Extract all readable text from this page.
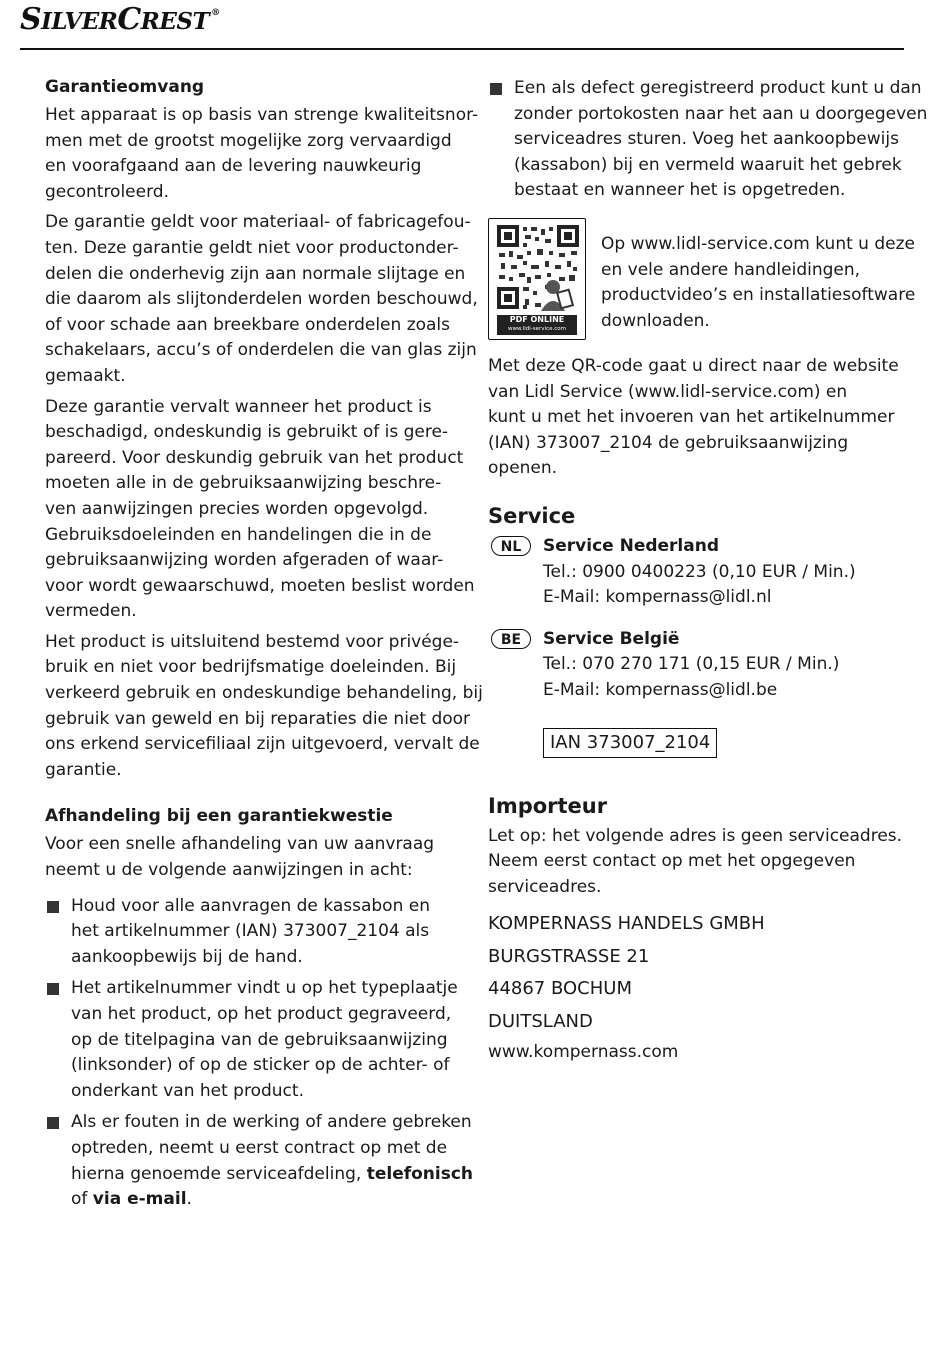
SILVERCREST ®
Garantieomvang

Het apparaat is op basis van strenge kwaliteitsnor-
men met de grootst mogelijke zorg vervaardigd
en voorafgaand aan de levering nauwkeurig
gecontroleerd.

De garantie geldt voor materiaal- of fabricagefou-
ten. Deze garantie geldt niet voor productonder-
delen die onderhevig zijn aan normale slijtage en
die daarom als slijtonderdelen worden beschouwd,
of voor schade aan breekbare onderdelen zoals
schakelaars, accu’s of onderdelen die van glas zijn
gemaakt.

Deze garantie vervalt wanneer het product is
beschadigd, ondeskundig is gebruikt of is gere-
pareerd. Voor deskundig gebruik van het product
moeten alle in de gebruiksaanwijzing beschre-
ven aanwijzingen precies worden opgevolgd.
Gebruiksdoeleinden en handelingen die in de
gebruiksaanwijzing worden afgeraden of waar-
voor wordt gewaarschuwd, moeten beslist worden
vermeden.

Het product is uitsluitend bestemd voor privége-
bruik en niet voor bedrijfsmatige doeleinden. Bij
verkeerd gebruik en ondeskundige behandeling, bij
gebruik van geweld en bij reparaties die niet door
ons erkend servicefiliaal zijn uitgevoerd, vervalt de
garantie.

Afhandeling bij een garantiekwestie

Voor een snelle afhandeling van uw aanvraag
neemt u de volgende aanwijzingen in acht:

Houd voor alle aanvragen de kassabon en
het artikelnummer (IAN) 373007_2104 als
aankoopbewijs bij de hand.
Het artikelnummer vindt u op het typeplaatje
van het product, op het product gegraveerd,
op de titelpagina van de gebruiksaanwijzing
(linksonder) of op de sticker op de achter- of
onderkant van het product.
Als er fouten in de werking of andere gebreken
optreden, neemt u eerst contract op met de
hierna genoemde serviceafdeling, telefonisch
of via e-mail.
Een als defect geregistreerd product kunt u dan
zonder portokosten naar het aan u doorgegeven
serviceadres sturen. Voeg het aankoopbewijs
(kassabon) bij en vermeld waaruit het gebrek
bestaat en wanneer het is opgetreden.
PDF ONLINE
www.lidl-service.com
Op www.lidl-service.com kunt u deze
en vele andere handleidingen,
productvideo’s en installatiesoftware
downloaden.

Met deze QR-code gaat u direct naar de website
van Lidl Service (www.lidl-service.com) en
kunt u met het invoeren van het artikelnummer
(IAN) 373007_2104 de gebruiksaanwijzing
openen.

Service
NL	Service Nederland
Tel.: 0900 0400223 (0,10 EUR / Min.)
E-Mail: kompernass@lidl.nl
BE	Service België
Tel.: 070 270 171 (0,15 EUR / Min.)
E-Mail: kompernass@lidl.be
IAN 373007_2104
Importeur

Let op: het volgende adres is geen serviceadres.
Neem eerst contact op met het opgegeven
serviceadres.

KOMPERNASS HANDELS GMBH

BURGSTRASSE 21

44867 BOCHUM

DUITSLAND

www.kompernass.com
